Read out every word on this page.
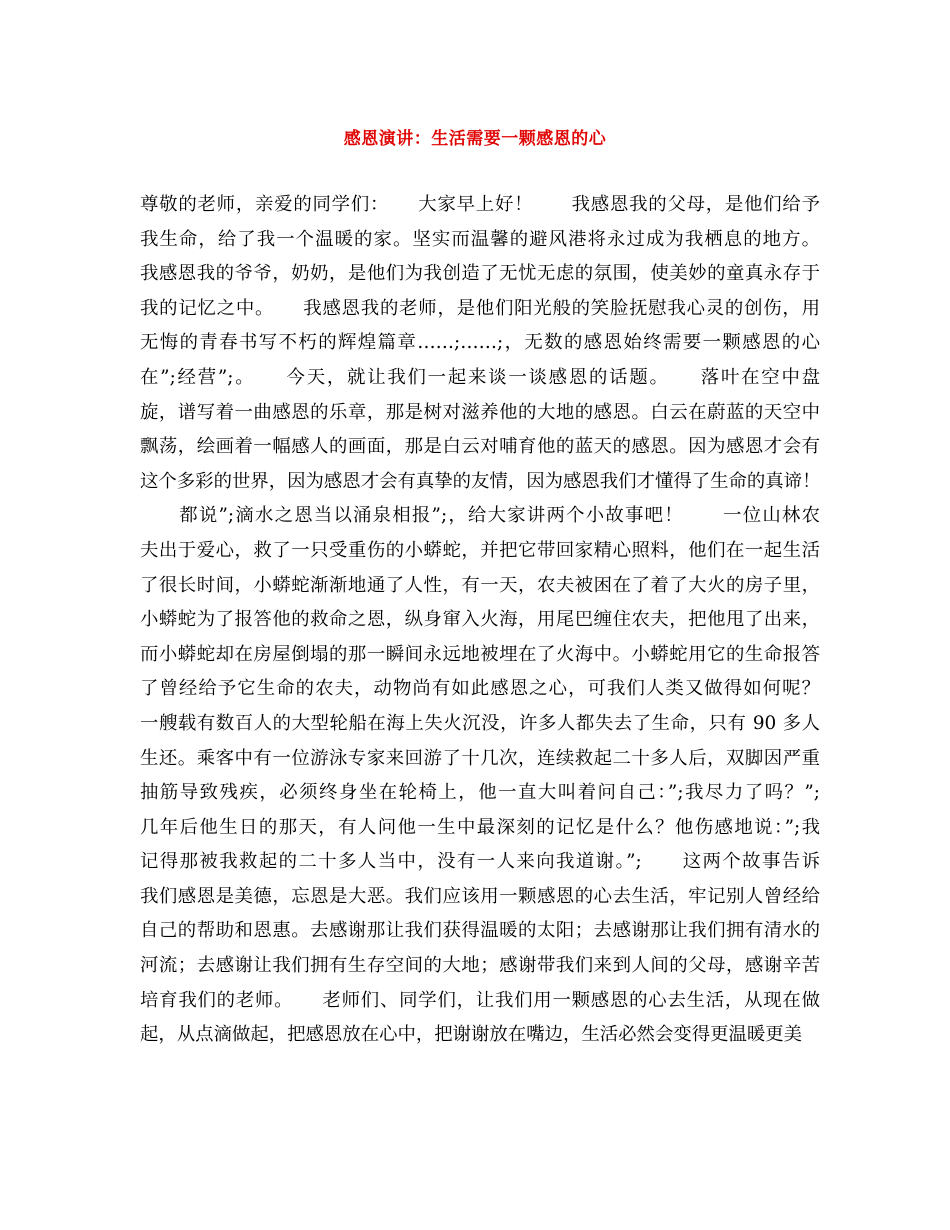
感恩演讲：生活需要一颗感恩的心
尊敬的老师，亲爱的同学们：　　大家早上好！　　我感恩我的父母，是他们给予
我生命，给了我一个温暖的家。坚实而温馨的避风港将永过成为我栖息的地方。
我感恩我的爷爷，奶奶，是他们为我创造了无忧无虑的氛围，使美妙的童真永存于
我的记忆之中。　　我感恩我的老师，是他们阳光般的笑脸抚慰我心灵的创伤，用
无悔的青春书写不朽的辉煌篇章……;……;，无数的感恩始终需要一颗感恩的心
在”;经营”;。　　今天，就让我们一起来谈一谈感恩的话题。　　落叶在空中盘
旋，谱写着一曲感恩的乐章，那是树对滋养他的大地的感恩。白云在蔚蓝的天空中
飘荡，绘画着一幅感人的画面，那是白云对哺育他的蓝天的感恩。因为感恩才会有
这个多彩的世界，因为感恩才会有真挚的友情，因为感恩我们才懂得了生命的真谛！
　　都说”;滴水之恩当以涌泉相报”;，给大家讲两个小故事吧！　　一位山林农
夫出于爱心，救了一只受重伤的小蟒蛇，并把它带回家精心照料，他们在一起生活
了很长时间，小蟒蛇渐渐地通了人性，有一天，农夫被困在了着了大火的房子里，
小蟒蛇为了报答他的救命之恩，纵身窜入火海，用尾巴缠住农夫，把他甩了出来，
而小蟒蛇却在房屋倒塌的那一瞬间永远地被埋在了火海中。小蟒蛇用它的生命报答
了曾经给予它生命的农夫，动物尚有如此感恩之心，可我们人类又做得如何呢？
一艘载有数百人的大型轮船在海上失火沉没，许多人都失去了生命，只有 90 多人
生还。乘客中有一位游泳专家来回游了十几次，连续救起二十多人后，双脚因严重
抽筋导致残疾，必须终身坐在轮椅上，他一直大叫着问自己：”;我尽力了吗？”;
几年后他生日的那天，有人问他一生中最深刻的记忆是什么？他伤感地说：”;我
记得那被我救起的二十多人当中，没有一人来向我道谢。”;　　这两个故事告诉
我们感恩是美德，忘恩是大恶。我们应该用一颗感恩的心去生活，牢记别人曾经给
自己的帮助和恩惠。去感谢那让我们获得温暖的太阳；去感谢那让我们拥有清水的
河流；去感谢让我们拥有生存空间的大地；感谢带我们来到人间的父母，感谢辛苦
培育我们的老师。　　老师们、同学们，让我们用一颗感恩的心去生活，从现在做
起，从点滴做起，把感恩放在心中，把谢谢放在嘴边，生活必然会变得更温暖更美
